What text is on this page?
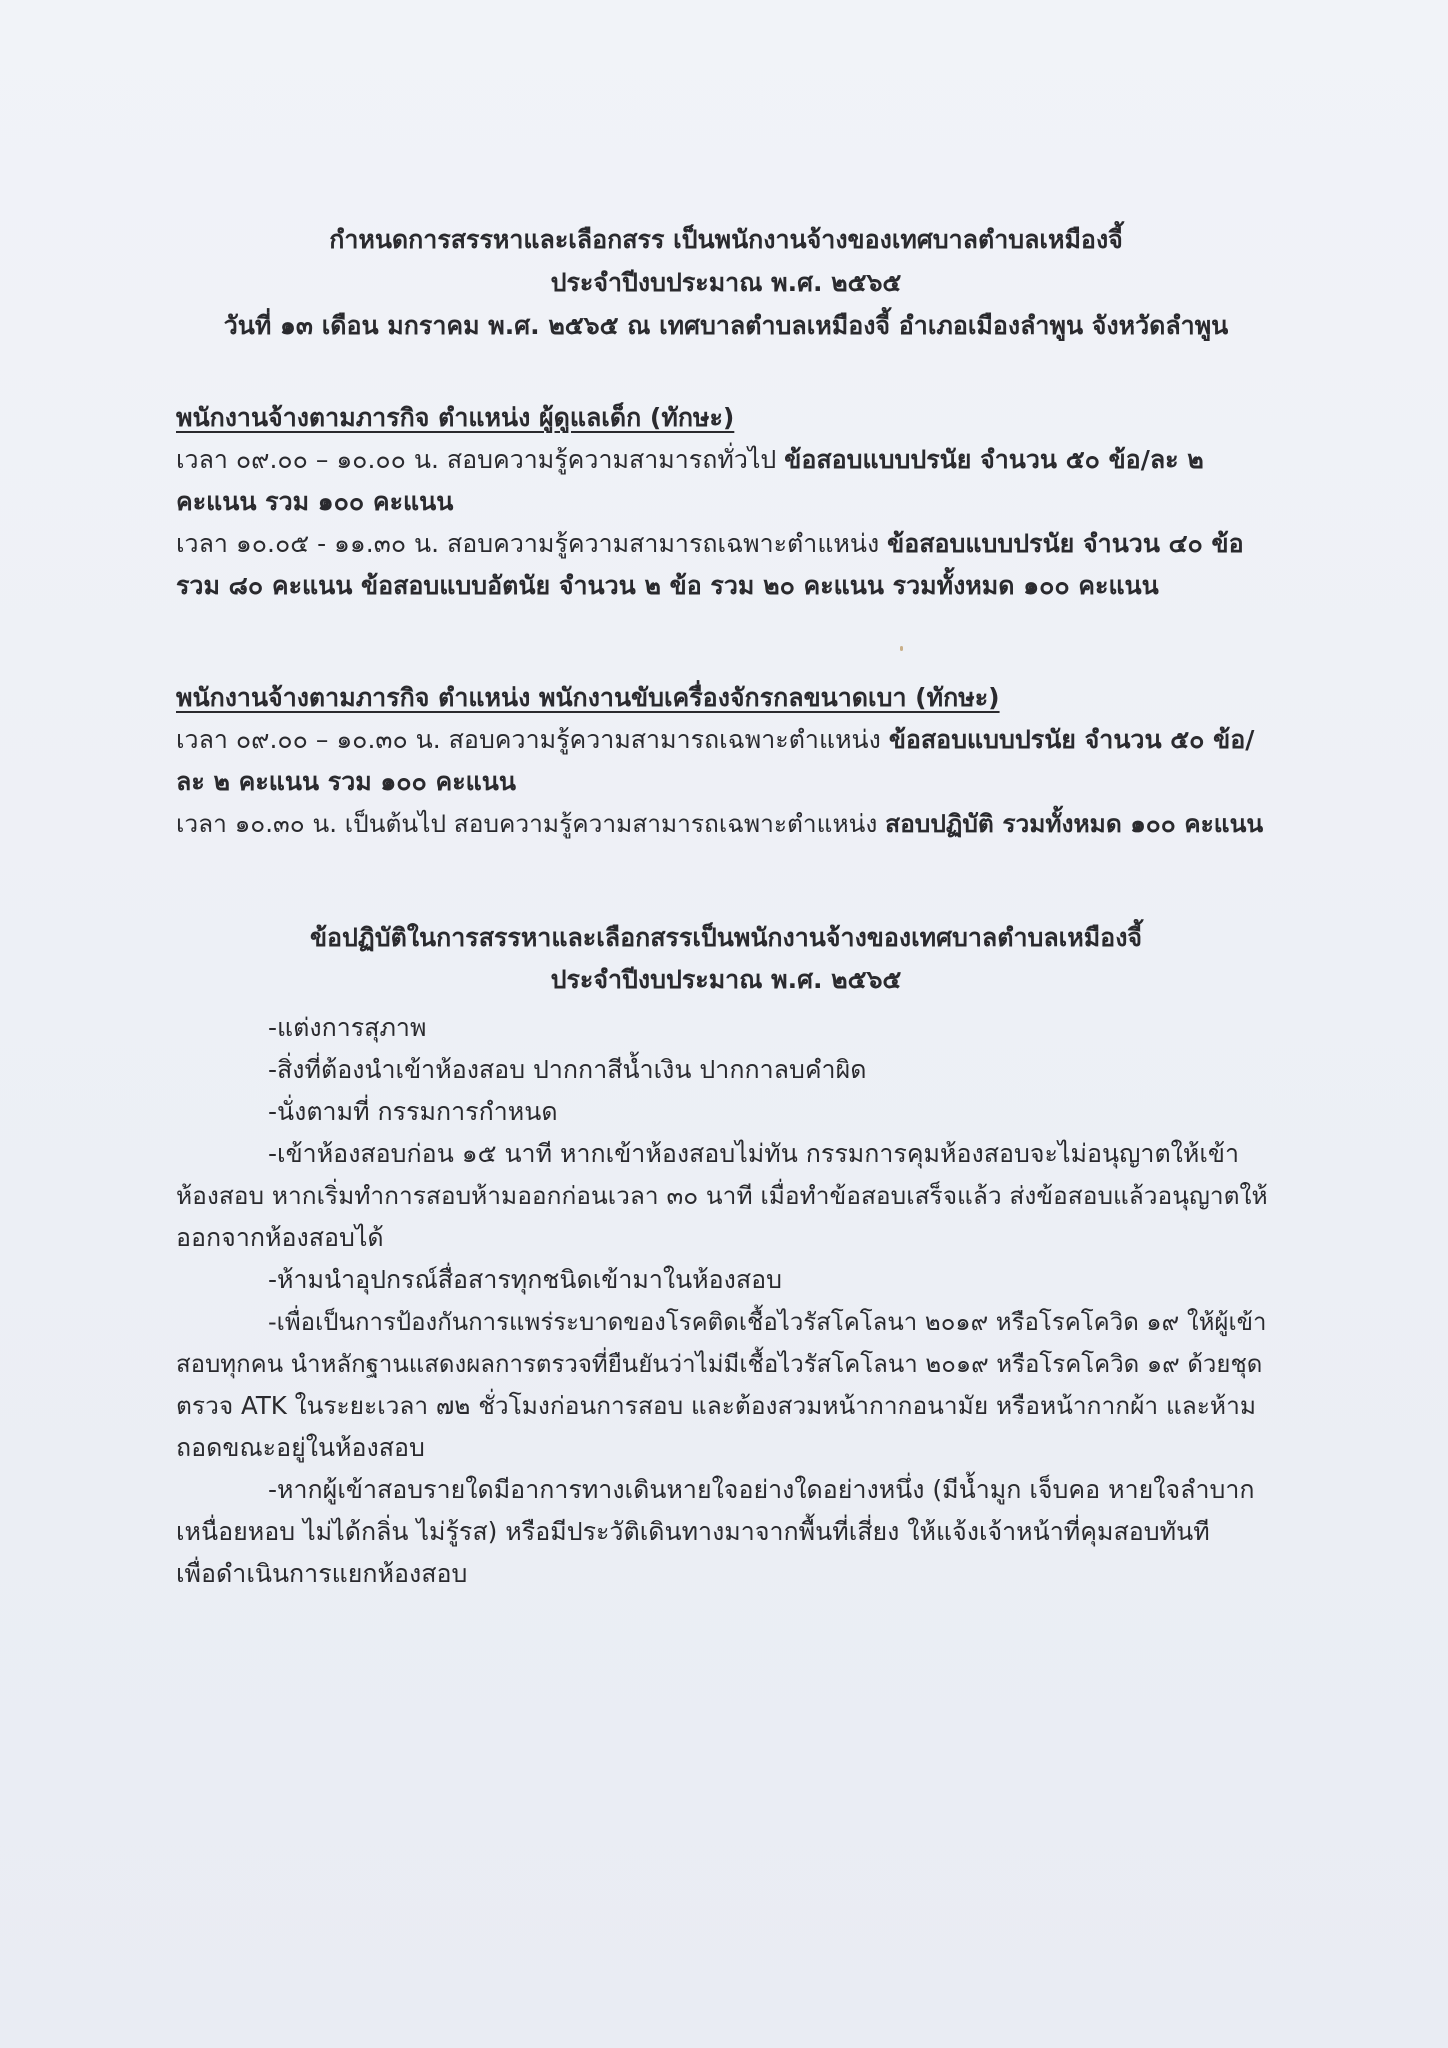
กำหนดการสรรหาและเลือกสรร เป็นพนักงานจ้างของเทศบาลตำบลเหมืองจี้
ประจำปีงบประมาณ พ.ศ. ๒๕๖๕
วันที่ ๑๓ เดือน มกราคม พ.ศ. ๒๕๖๕ ณ เทศบาลตำบลเหมืองจี้ อำเภอเมืองลำพูน จังหวัดลำพูน
พนักงานจ้างตามภารกิจ ตำแหน่ง ผู้ดูแลเด็ก (ทักษะ)
เวลา ๐๙.๐๐ – ๑๐.๐๐ น. สอบความรู้ความสามารถทั่วไป ข้อสอบแบบปรนัย จำนวน ๕๐ ข้อ/ละ ๒
คะแนน รวม ๑๐๐ คะแนน
เวลา ๑๐.๐๕ - ๑๑.๓๐ น. สอบความรู้ความสามารถเฉพาะตำแหน่ง ข้อสอบแบบปรนัย จำนวน ๔๐ ข้อ
รวม ๘๐ คะแนน ข้อสอบแบบอัตนัย จำนวน ๒ ข้อ รวม ๒๐ คะแนน รวมทั้งหมด ๑๐๐ คะแนน
พนักงานจ้างตามภารกิจ ตำแหน่ง พนักงานขับเครื่องจักรกลขนาดเบา (ทักษะ)
เวลา ๐๙.๐๐ – ๑๐.๓๐ น. สอบความรู้ความสามารถเฉพาะตำแหน่ง ข้อสอบแบบปรนัย จำนวน ๕๐ ข้อ/
ละ ๒ คะแนน รวม ๑๐๐ คะแนน
เวลา ๑๐.๓๐ น. เป็นต้นไป สอบความรู้ความสามารถเฉพาะตำแหน่ง สอบปฏิบัติ รวมทั้งหมด ๑๐๐ คะแนน
ข้อปฏิบัติในการสรรหาและเลือกสรรเป็นพนักงานจ้างของเทศบาลตำบลเหมืองจี้
ประจำปีงบประมาณ พ.ศ. ๒๕๖๕
-แต่งการสุภาพ
-สิ่งที่ต้องนำเข้าห้องสอบ ปากกาสีน้ำเงิน ปากกาลบคำผิด
-นั่งตามที่ กรรมการกำหนด
-เข้าห้องสอบก่อน ๑๕ นาที หากเข้าห้องสอบไม่ทัน กรรมการคุมห้องสอบจะไม่อนุญาตให้เข้า
ห้องสอบ หากเริ่มทำการสอบห้ามออกก่อนเวลา ๓๐ นาที เมื่อทำข้อสอบเสร็จแล้ว ส่งข้อสอบแล้วอนุญาตให้
ออกจากห้องสอบได้
-ห้ามนำอุปกรณ์สื่อสารทุกชนิดเข้ามาในห้องสอบ
-เพื่อเป็นการป้องกันการแพร่ระบาดของโรคติดเชื้อไวรัสโคโลนา ๒๐๑๙ หรือโรคโควิด ๑๙ ให้ผู้เข้า
สอบทุกคน นำหลักฐานแสดงผลการตรวจที่ยืนยันว่าไม่มีเชื้อไวรัสโคโลนา ๒๐๑๙ หรือโรคโควิด ๑๙ ด้วยชุด
ตรวจ ATK ในระยะเวลา ๗๒ ชั่วโมงก่อนการสอบ และต้องสวมหน้ากากอนามัย หรือหน้ากากผ้า และห้าม
ถอดขณะอยู่ในห้องสอบ
-หากผู้เข้าสอบรายใดมีอาการทางเดินหายใจอย่างใดอย่างหนึ่ง (มีน้ำมูก เจ็บคอ หายใจลำบาก
เหนื่อยหอบ ไม่ได้กลิ่น ไม่รู้รส) หรือมีประวัติเดินทางมาจากพื้นที่เสี่ยง ให้แจ้งเจ้าหน้าที่คุมสอบทันที
เพื่อดำเนินการแยกห้องสอบ
